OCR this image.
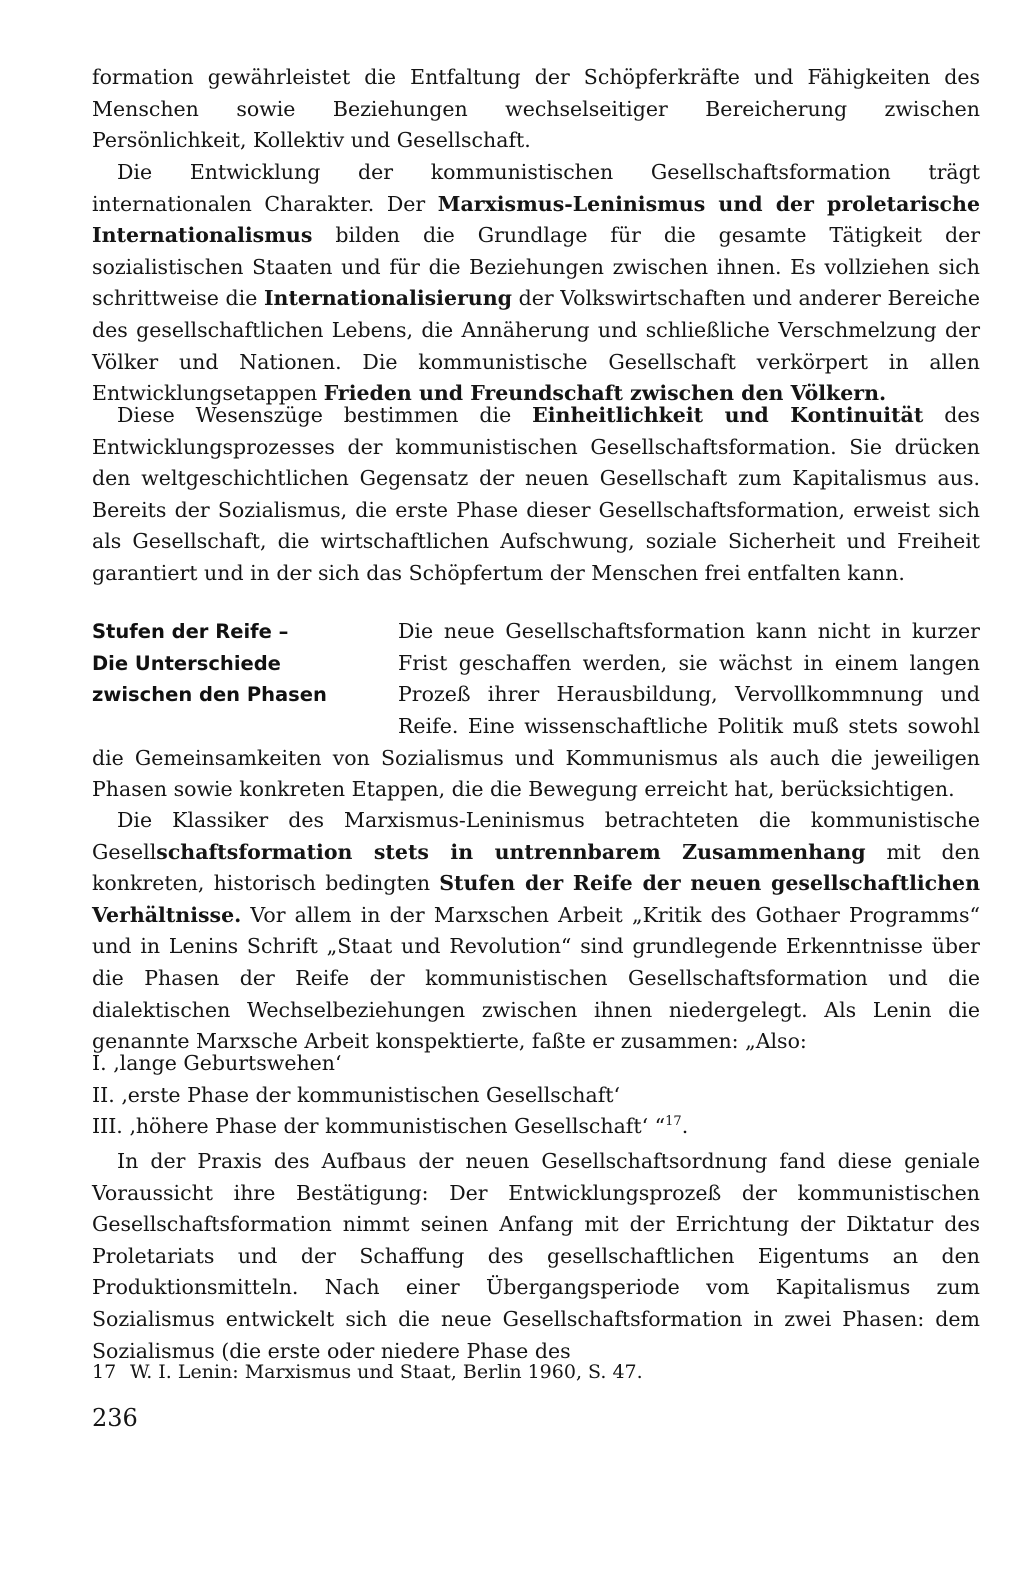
formation gewährleistet die Entfaltung der Schöpferkräfte und Fähigkeiten des Menschen sowie Beziehungen wechselseitiger Bereicherung zwischen Persönlichkeit, Kollektiv und Gesellschaft.

Die Entwicklung der kommunistischen Gesellschaftsformation trägt internationalen Charakter. Der Marxismus-Leninismus und der proletarische Internationalismus bilden die Grundlage für die gesamte Tätigkeit der sozialistischen Staaten und für die Beziehungen zwischen ihnen. Es vollziehen sich schrittweise die Internationalisierung der Volkswirtschaften und anderer Bereiche des gesellschaftlichen Lebens, die Annäherung und schließliche Verschmelzung der Völker und Nationen. Die kommunistische Gesellschaft verkörpert in allen Entwicklungsetappen Frieden und Freundschaft zwischen den Völkern.

Diese Wesenszüge bestimmen die Einheitlichkeit und Kontinuität des Entwicklungsprozesses der kommunistischen Gesellschaftsformation. Sie drücken den weltgeschichtlichen Gegensatz der neuen Gesellschaft zum Kapitalismus aus. Bereits der Sozialismus, die erste Phase dieser Gesellschaftsformation, erweist sich als Gesellschaft, die wirtschaftlichen Aufschwung, soziale Sicherheit und Freiheit garantiert und in der sich das Schöpfertum der Menschen frei entfalten kann.

Stufen der Reife –
Die Unterschiede
zwischen den Phasen
Die neue Gesellschaftsformation kann nicht in kurzer
Frist geschaffen werden, sie wächst in einem langen
Prozeß ihrer Herausbildung, Vervollkommnung und

Reife. Eine wissenschaftliche Politik muß stets sowohl die Gemeinsamkeiten von Sozialismus und Kommunismus als auch die jeweiligen Phasen sowie konkreten Etappen, die die Bewegung erreicht hat, berücksichtigen.

Die Klassiker des Marxismus-Leninismus betrachteten die kommunistische Gesellschaftsformation stets in untrennbarem Zusammenhang mit den konkreten, historisch bedingten Stufen der Reife der neuen gesellschaftlichen Verhältnisse. Vor allem in der Marxschen Arbeit „Kritik des Gothaer Programms“ und in Lenins Schrift „Staat und Revolution“ sind grundlegende Erkenntnisse über die Phasen der Reife der kommunistischen Gesellschaftsformation und die dialektischen Wechselbeziehungen zwischen ihnen niedergelegt. Als Lenin die genannte Marxsche Arbeit konspektierte, faßte er zusammen: „Also:

I. ‚lange Geburtswehen‘
II. ‚erste Phase der kommunistischen Gesellschaft‘
III. ‚höhere Phase der kommunistischen Gesellschaft‘ “$^{17}$.

In der Praxis des Aufbaus der neuen Gesellschaftsordnung fand diese geniale Voraussicht ihre Bestätigung: Der Entwicklungsprozeß der kommunistischen Gesellschaftsformation nimmt seinen Anfang mit der Errichtung der Diktatur des Proletariats und der Schaffung des gesellschaftlichen Eigentums an den Produktionsmitteln. Nach einer Übergangsperiode vom Kapitalismus zum Sozialismus entwickelt sich die neue Gesellschaftsformation in zwei Phasen: dem Sozialismus (die erste oder niedere Phase des

17 W. I. Lenin: Marxismus und Staat, Berlin 1960, S. 47.
236
